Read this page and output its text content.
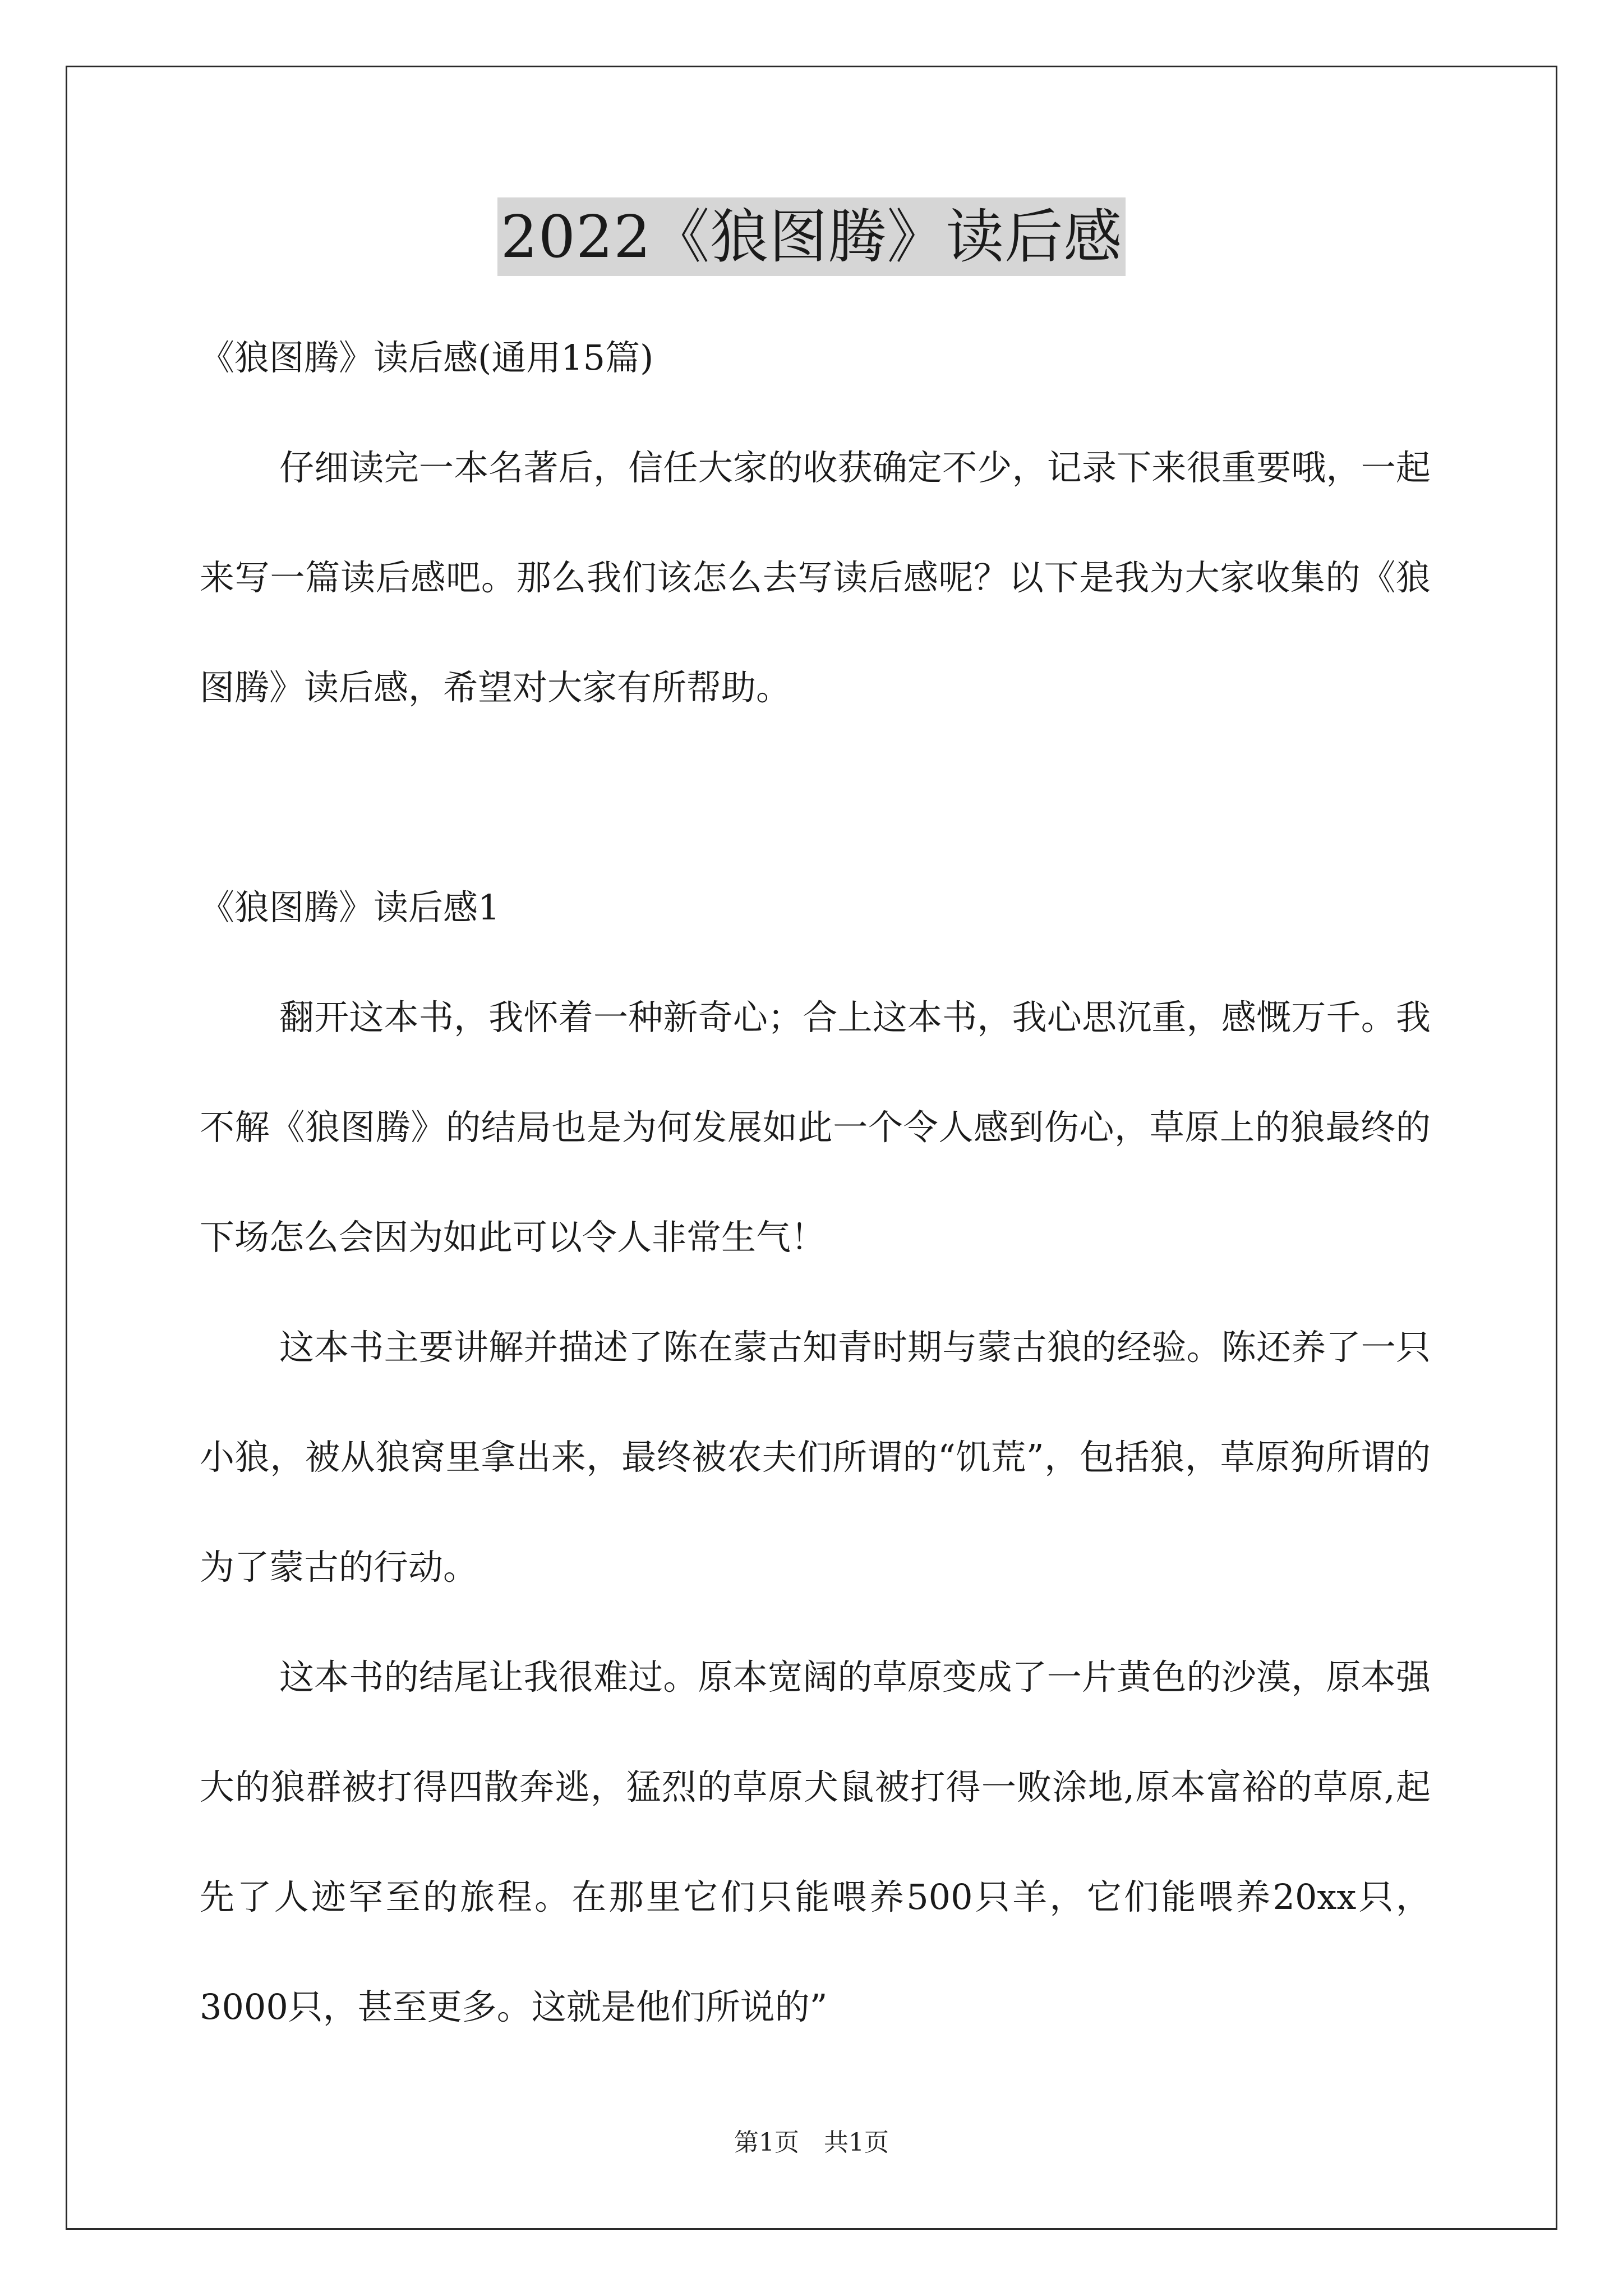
2022《狼图腾》读后感

《狼图腾》读后感(通用15篇)

仔细读完一本名著后，信任大家的收获确定不少，记录下来很重要哦，一起来写一篇读后感吧。那么我们该怎么去写读后感呢？以下是我为大家收集的《狼图腾》读后感，希望对大家有所帮助。

《狼图腾》读后感1

翻开这本书，我怀着一种新奇心；合上这本书，我心思沉重，感慨万千。我不解《狼图腾》的结局也是为何发展如此一个令人感到伤心，草原上的狼最终的下场怎么会因为如此可以令人非常生气！

这本书主要讲解并描述了陈在蒙古知青时期与蒙古狼的经验。陈还养了一只小狼，被从狼窝里拿出来，最终被农夫们所谓的“饥荒”，包括狼，草原狗所谓的为了蒙古的行动。

这本书的结尾让我很难过。原本宽阔的草原变成了一片黄色的沙漠，原本强大的狼群被打得四散奔逃，猛烈的草原犬鼠被打得一败涂地,原本富裕的草原,起先了人迹罕至的旅程。在那里它们只能喂养500只羊，它们能喂养20xx只，3000只，甚至更多。这就是他们所说的”

第1页 共1页
